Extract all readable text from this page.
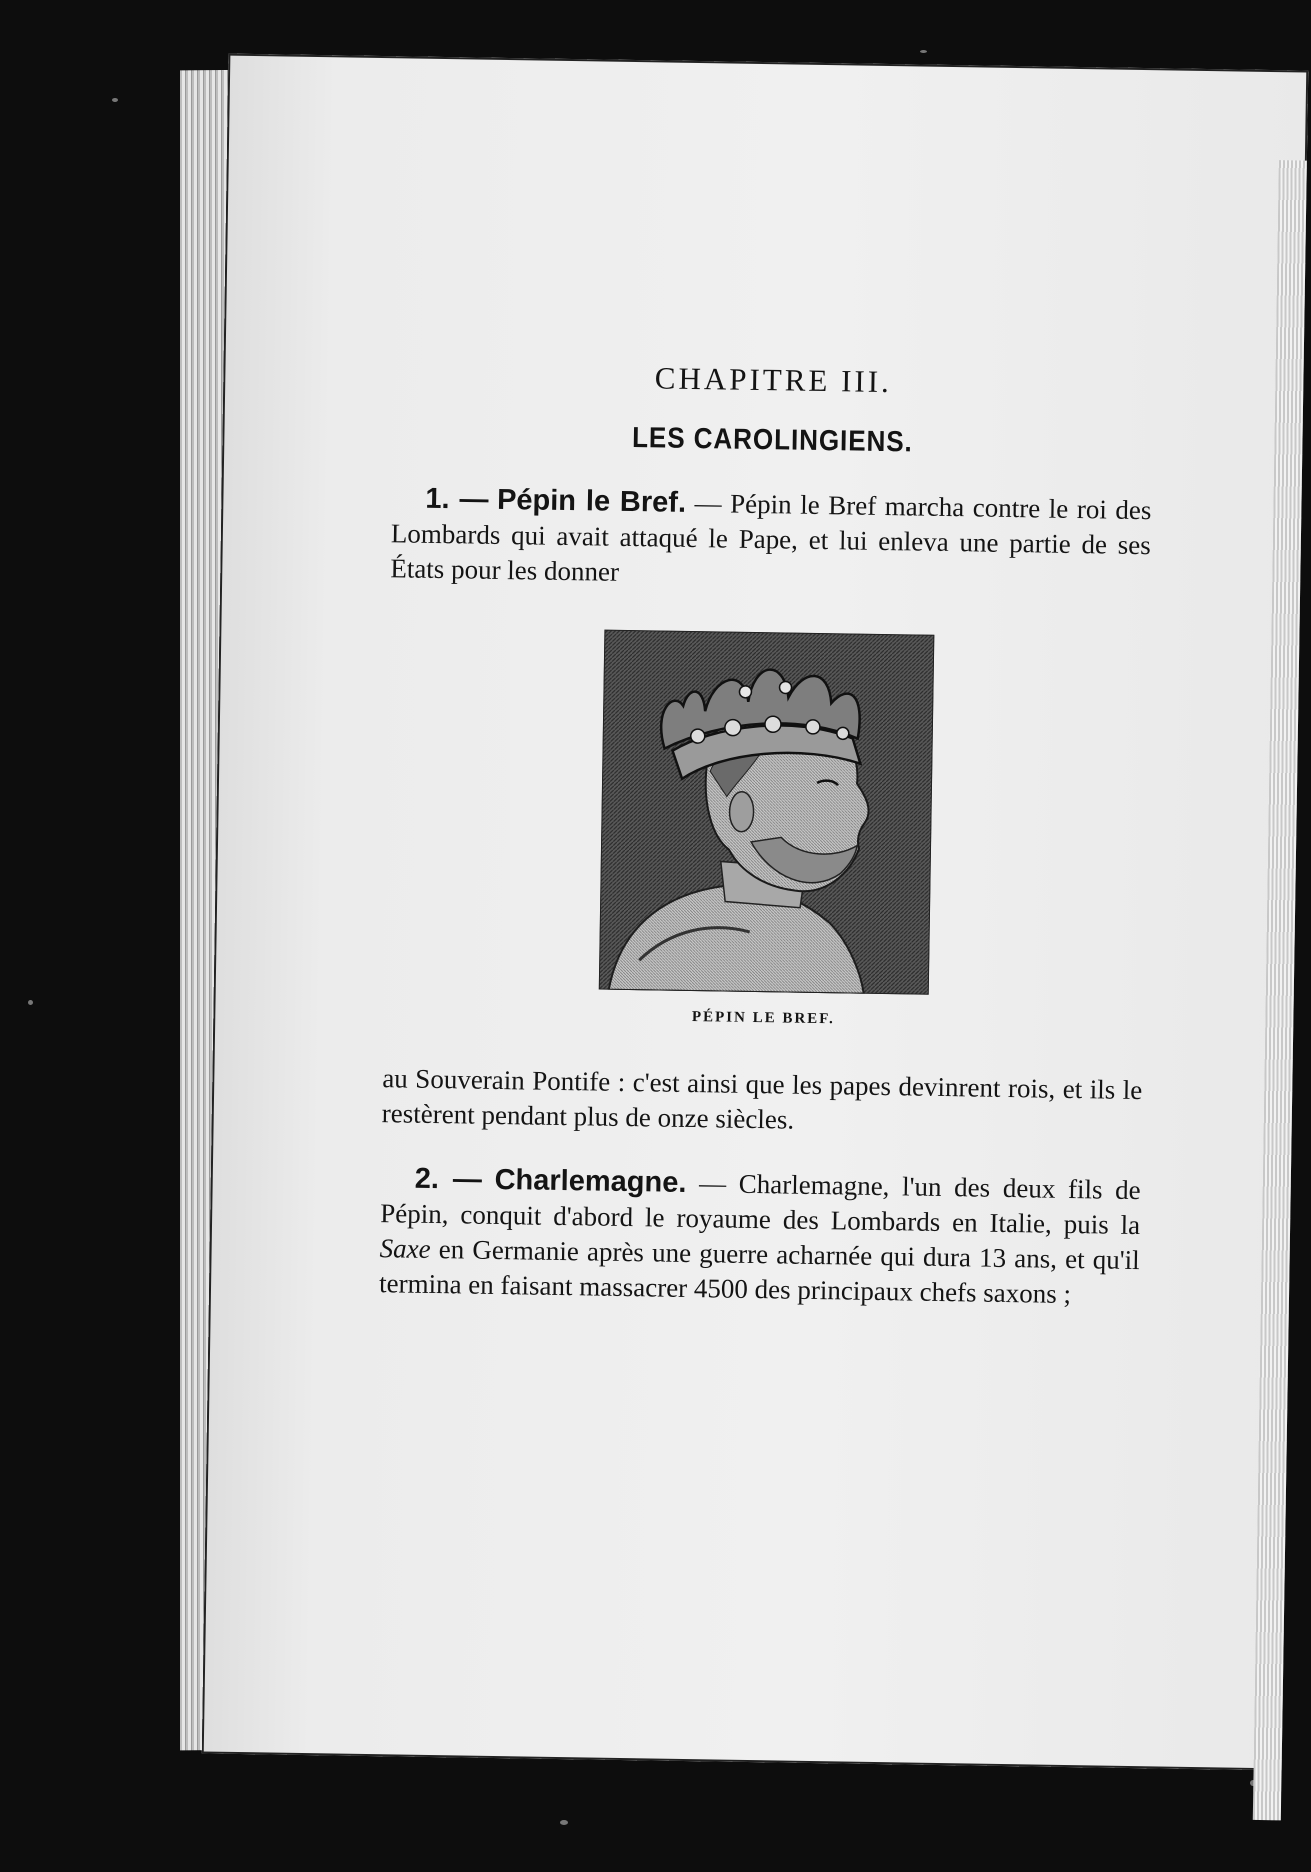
CHAPITRE III.
LES CAROLINGIENS.

1. — Pépin le Bref. — Pépin le Bref marcha contre le roi des Lombards qui avait attaqué le Pape, et lui enleva une partie de ses États pour les donner

PÉPIN LE BREF.

au Souverain Pontife : c'est ainsi que les papes devinrent rois, et ils le restèrent pendant plus de onze siècles.

2. — Charlemagne. — Charlemagne, l'un des deux fils de Pépin, conquit d'abord le royaume des Lombards en Italie, puis la Saxe en Germanie après une guerre acharnée qui dura 13 ans, et qu'il termina en faisant massacrer 4500 des principaux chefs saxons ;
